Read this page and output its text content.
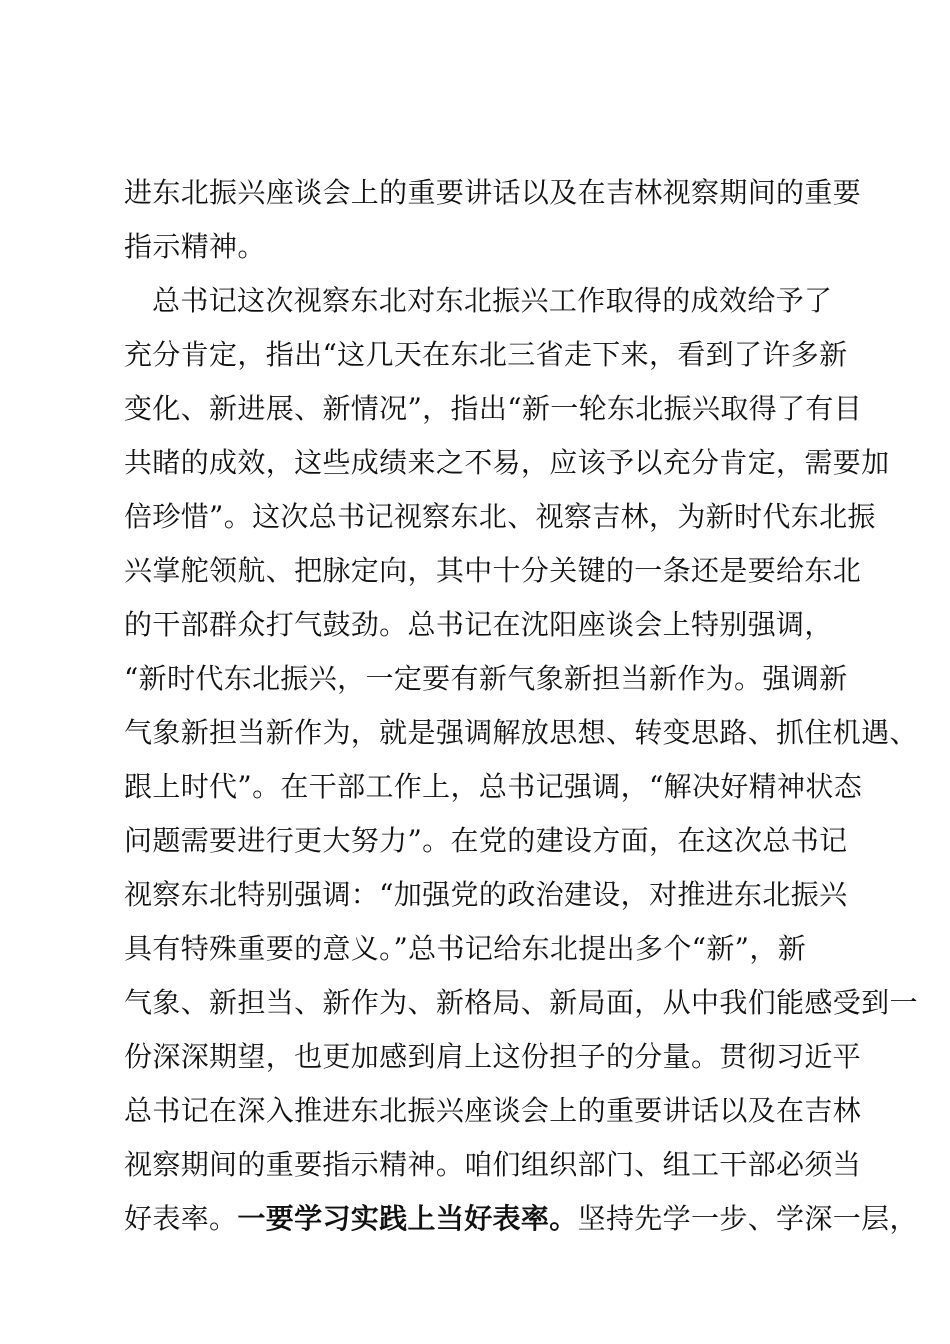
进东北振兴座谈会上的重要讲话以及在吉林视察期间的重要
指示精神。
总书记这次视察东北对东北振兴工作取得的成效给予了
充分肯定，指出“这几天在东北三省走下来，看到了许多新
变化、新进展、新情况”，指出“新一轮东北振兴取得了有目
共睹的成效，这些成绩来之不易，应该予以充分肯定，需要加
倍珍惜”。这次总书记视察东北、视察吉林，为新时代东北振
兴掌舵领航、把脉定向，其中十分关键的一条还是要给东北
的干部群众打气鼓劲。总书记在沈阳座谈会上特别强调，
“新时代东北振兴，一定要有新气象新担当新作为。强调新
气象新担当新作为，就是强调解放思想、转变思路、抓住机遇、
跟上时代”。在干部工作上，总书记强调，“解决好精神状态
问题需要进行更大努力”。在党的建设方面，在这次总书记
视察东北特别强调：“加强党的政治建设，对推进东北振兴
具有特殊重要的意义。”总书记给东北提出多个“新”，新
气象、新担当、新作为、新格局、新局面，从中我们能感受到一
份深深期望，也更加感到肩上这份担子的分量。贯彻习近平
总书记在深入推进东北振兴座谈会上的重要讲话以及在吉林
视察期间的重要指示精神。咱们组织部门、组工干部必须当
好表率。一要学习实践上当好表率。坚持先学一步、学深一层，
